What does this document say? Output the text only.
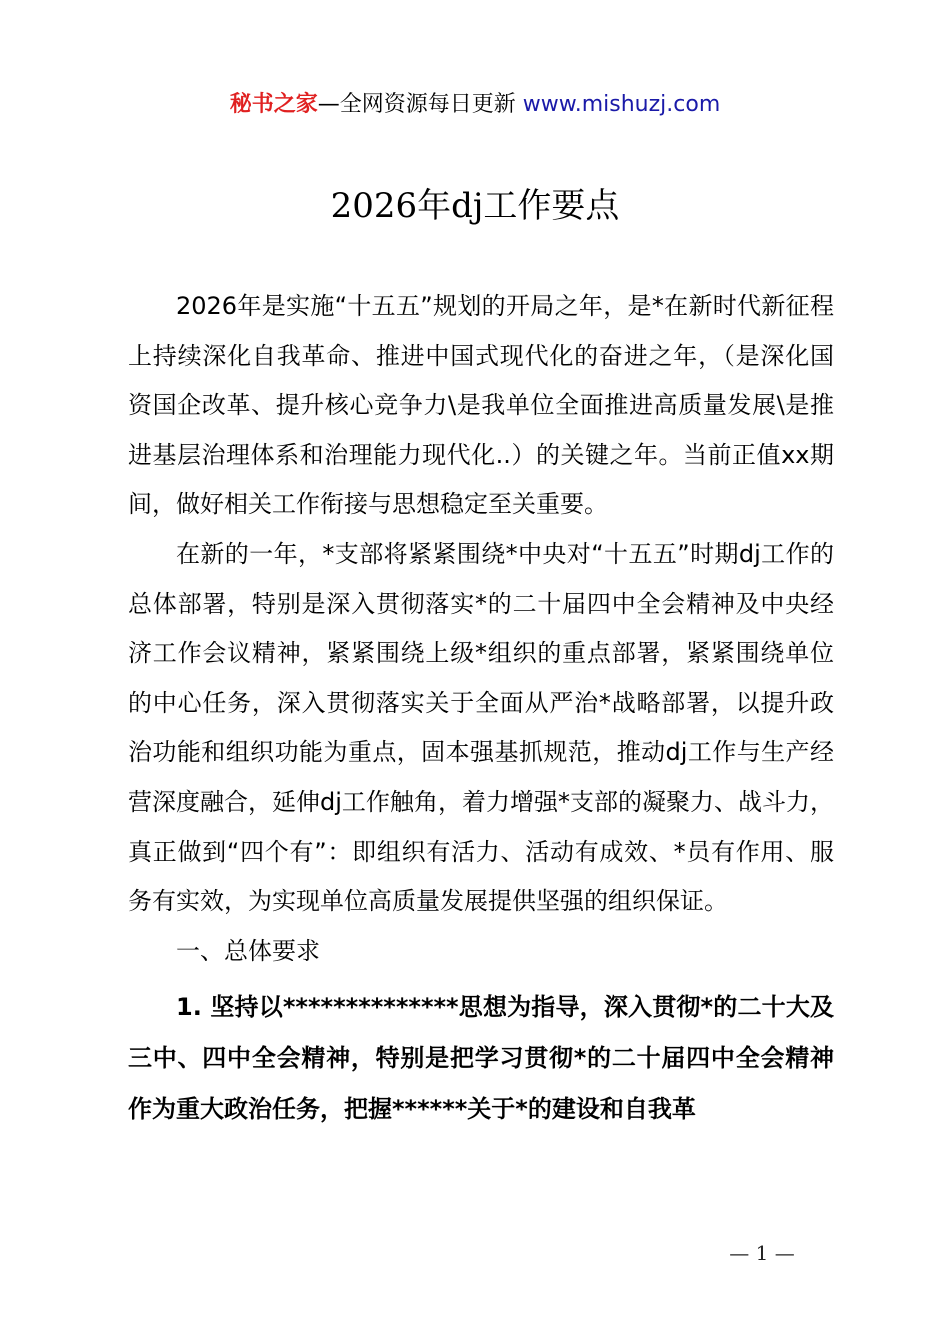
秘书之家—全网资源每日更新 www.mishuzj.com
2026年dj工作要点

2026年是实施“十五五”规划的开局之年，是*在新时代新征程上持续深化自我革命、推进中国式现代化的奋进之年，（是深化国资国企改革、提升核心竞争力\是我单位全面推进高质量发展\是推进基层治理体系和治理能力现代化..）的关键之年。当前正值xx期间，做好相关工作衔接与思想稳定至关重要。

在新的一年，*支部将紧紧围绕*中央对“十五五”时期dj工作的总体部署，特别是深入贯彻落实*的二十届四中全会精神及中央经济工作会议精神，紧紧围绕上级*组织的重点部署，紧紧围绕单位的中心任务，深入贯彻落实关于全面从严治*战略部署，以提升政治功能和组织功能为重点，固本强基抓规范，推动dj工作与生产经营深度融合，延伸dj工作触角，着力增强*支部的凝聚力、战斗力，真正做到“四个有”：即组织有活力、活动有成效、*员有作用、服务有实效，为实现单位高质量发展提供坚强的组织保证。

一、总体要求

1. 坚持以**************思想为指导，深入贯彻*的二十大及三中、四中全会精神，特别是把学习贯彻*的二十届四中全会精神作为重大政治任务，把握******关于*的建设和自我革

— 1 —
